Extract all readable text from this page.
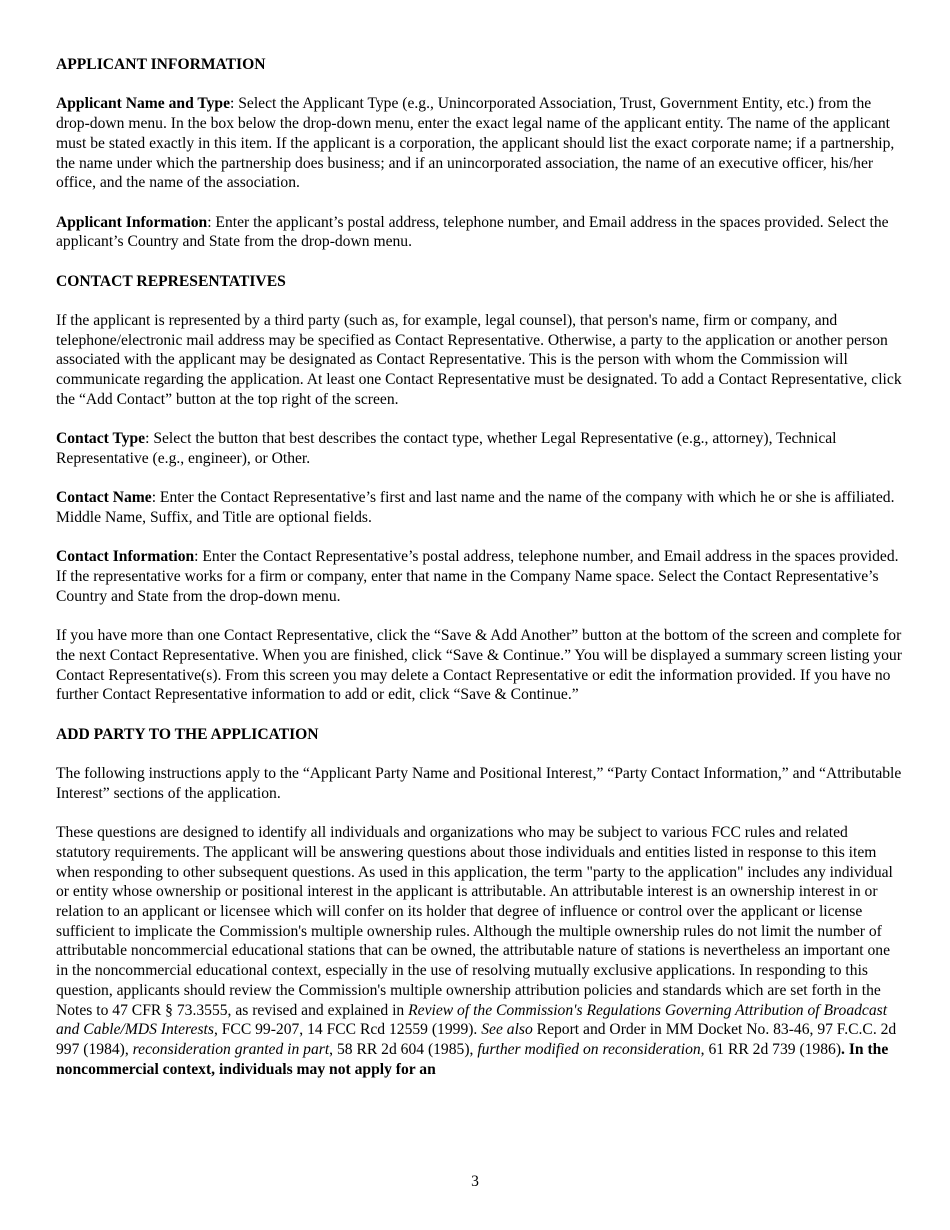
APPLICANT INFORMATION

Applicant Name and Type: Select the Applicant Type (e.g., Unincorporated Association, Trust, Government Entity, etc.) from the drop-down menu. In the box below the drop-down menu, enter the exact legal name of the applicant entity. The name of the applicant must be stated exactly in this item. If the applicant is a corporation, the applicant should list the exact corporate name; if a partnership, the name under which the partnership does business; and if an unincorporated association, the name of an executive officer, his/her office, and the name of the association.

Applicant Information: Enter the applicant’s postal address, telephone number, and Email address in the spaces provided. Select the applicant’s Country and State from the drop-down menu.

CONTACT REPRESENTATIVES

If the applicant is represented by a third party (such as, for example, legal counsel), that person's name, firm or company, and telephone/electronic mail address may be specified as Contact Representative. Otherwise, a party to the application or another person associated with the applicant may be designated as Contact Representative. This is the person with whom the Commission will communicate regarding the application. At least one Contact Representative must be designated. To add a Contact Representative, click the “Add Contact” button at the top right of the screen.

Contact Type: Select the button that best describes the contact type, whether Legal Representative (e.g., attorney), Technical Representative (e.g., engineer), or Other.

Contact Name: Enter the Contact Representative’s first and last name and the name of the company with which he or she is affiliated. Middle Name, Suffix, and Title are optional fields.

Contact Information: Enter the Contact Representative’s postal address, telephone number, and Email address in the spaces provided. If the representative works for a firm or company, enter that name in the Company Name space. Select the Contact Representative’s Country and State from the drop-down menu.

If you have more than one Contact Representative, click the “Save & Add Another” button at the bottom of the screen and complete for the next Contact Representative. When you are finished, click “Save & Continue.” You will be displayed a summary screen listing your Contact Representative(s). From this screen you may delete a Contact Representative or edit the information provided. If you have no further Contact Representative information to add or edit, click “Save & Continue.”

ADD PARTY TO THE APPLICATION

The following instructions apply to the “Applicant Party Name and Positional Interest,” “Party Contact Information,” and “Attributable Interest” sections of the application.

These questions are designed to identify all individuals and organizations who may be subject to various FCC rules and related statutory requirements. The applicant will be answering questions about those individuals and entities listed in response to this item when responding to other subsequent questions. As used in this application, the term "party to the application" includes any individual or entity whose ownership or positional interest in the applicant is attributable. An attributable interest is an ownership interest in or relation to an applicant or licensee which will confer on its holder that degree of influence or control over the applicant or license sufficient to implicate the Commission's multiple ownership rules. Although the multiple ownership rules do not limit the number of attributable noncommercial educational stations that can be owned, the attributable nature of stations is nevertheless an important one in the noncommercial educational context, especially in the use of resolving mutually exclusive applications. In responding to this question, applicants should review the Commission's multiple ownership attribution policies and standards which are set forth in the Notes to 47 CFR § 73.3555, as revised and explained in Review of the Commission's Regulations Governing Attribution of Broadcast and Cable/MDS Interests, FCC 99-207, 14 FCC Rcd 12559 (1999). See also Report and Order in MM Docket No. 83-46, 97 F.C.C. 2d 997 (1984), reconsideration granted in part, 58 RR 2d 604 (1985), further modified on reconsideration, 61 RR 2d 739 (1986). In the noncommercial context, individuals may not apply for an

3
